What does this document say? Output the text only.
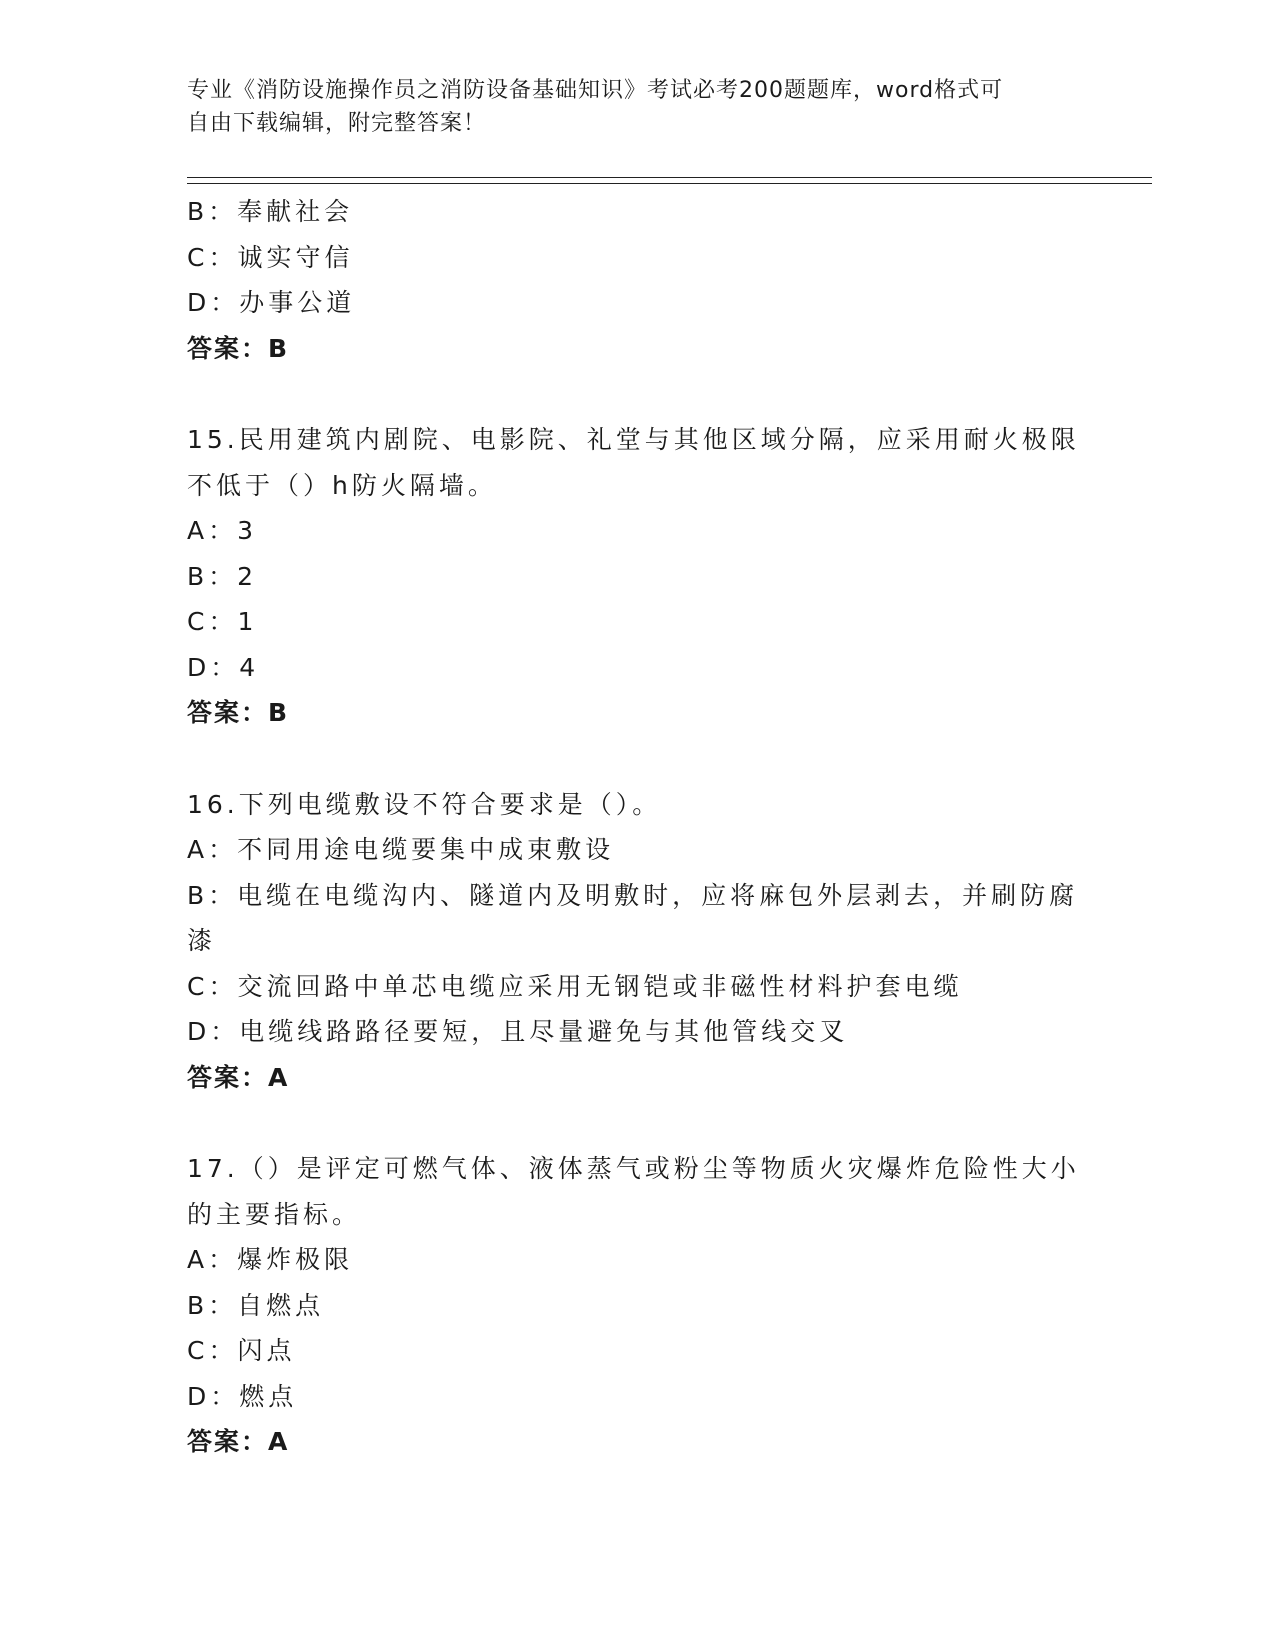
专业《消防设施操作员之消防设备基础知识》考试必考200题题库，word格式可
自由下载编辑，附完整答案！
B：奉献社会
C：诚实守信
D：办事公道
答案：B
15.民用建筑内剧院、电影院、礼堂与其他区域分隔，应采用耐火极限
不低于（）h防火隔墙。
A：3
B：2
C：1
D：4
答案：B
16.下列电缆敷设不符合要求是（）。
A：不同用途电缆要集中成束敷设
B：电缆在电缆沟内、隧道内及明敷时，应将麻包外层剥去，并刷防腐
漆
C：交流回路中单芯电缆应采用无钢铠或非磁性材料护套电缆
D：电缆线路路径要短，且尽量避免与其他管线交叉
答案：A
17.（）是评定可燃气体、液体蒸气或粉尘等物质火灾爆炸危险性大小
的主要指标。
A：爆炸极限
B：自燃点
C：闪点
D：燃点
答案：A
